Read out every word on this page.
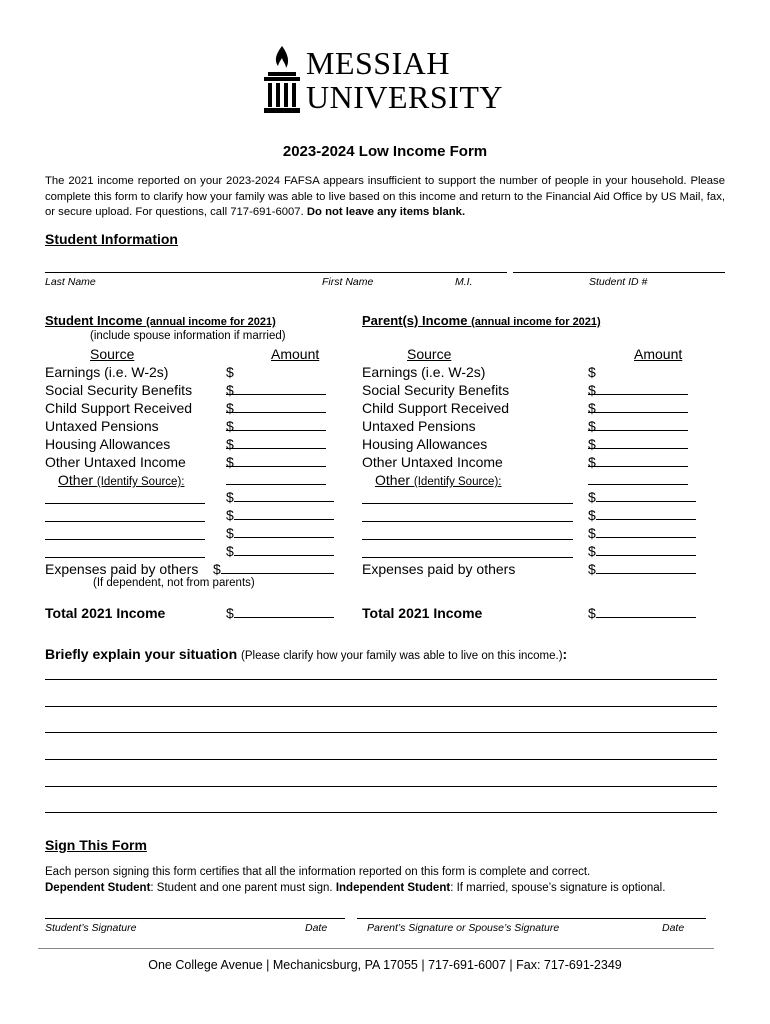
MESSIAH
UNIVERSITY
2023-2024 Low Income Form
The 2021 income reported on your 2023-2024 FAFSA appears insufficient to support the number of people in your household. Please complete this form to clarify how your family was able to live based on this income and return to the Financial Aid Office by US Mail, fax, or secure upload. For questions, call 717-691-6007. Do not leave any items blank.
Student Information
Last Name	First Name	M.I.	Student ID #
Student Income (annual income for 2021)
(include spouse information if married)
Source	Amount
Earnings (i.e. W-2s)	$
Social Security Benefits $
Child Support Received $
Untaxed Pensions	$
Housing Allowances	$
Other Untaxed Income	$
Other (Identify Source):
$
$
$
$
Expenses paid by others $
(If dependent, not from parents)
Total 2021 Income	$
Parent(s) Income (annual income for 2021)
Source	Amount
Earnings (i.e. W-2s)	$
Social Security Benefits	$
Child Support Received	$
Untaxed Pensions	$
Housing Allowances	$
Other Untaxed Income	$
Other (Identify Source):
$
$
$
$
Expenses paid by others	$
Total 2021 Income	$
Briefly explain your situation (Please clarify how your family was able to live on this income.):
Sign This Form
Each person signing this form certifies that all the information reported on this form is complete and correct.
Dependent Student: Student and one parent must sign. Independent Student: If married, spouse’s signature is optional.
Student’s Signature	Date	Parent’s Signature or Spouse’s Signature	Date
One College Avenue | Mechanicsburg, PA 17055 | 717-691-6007 | Fax: 717-691-2349
